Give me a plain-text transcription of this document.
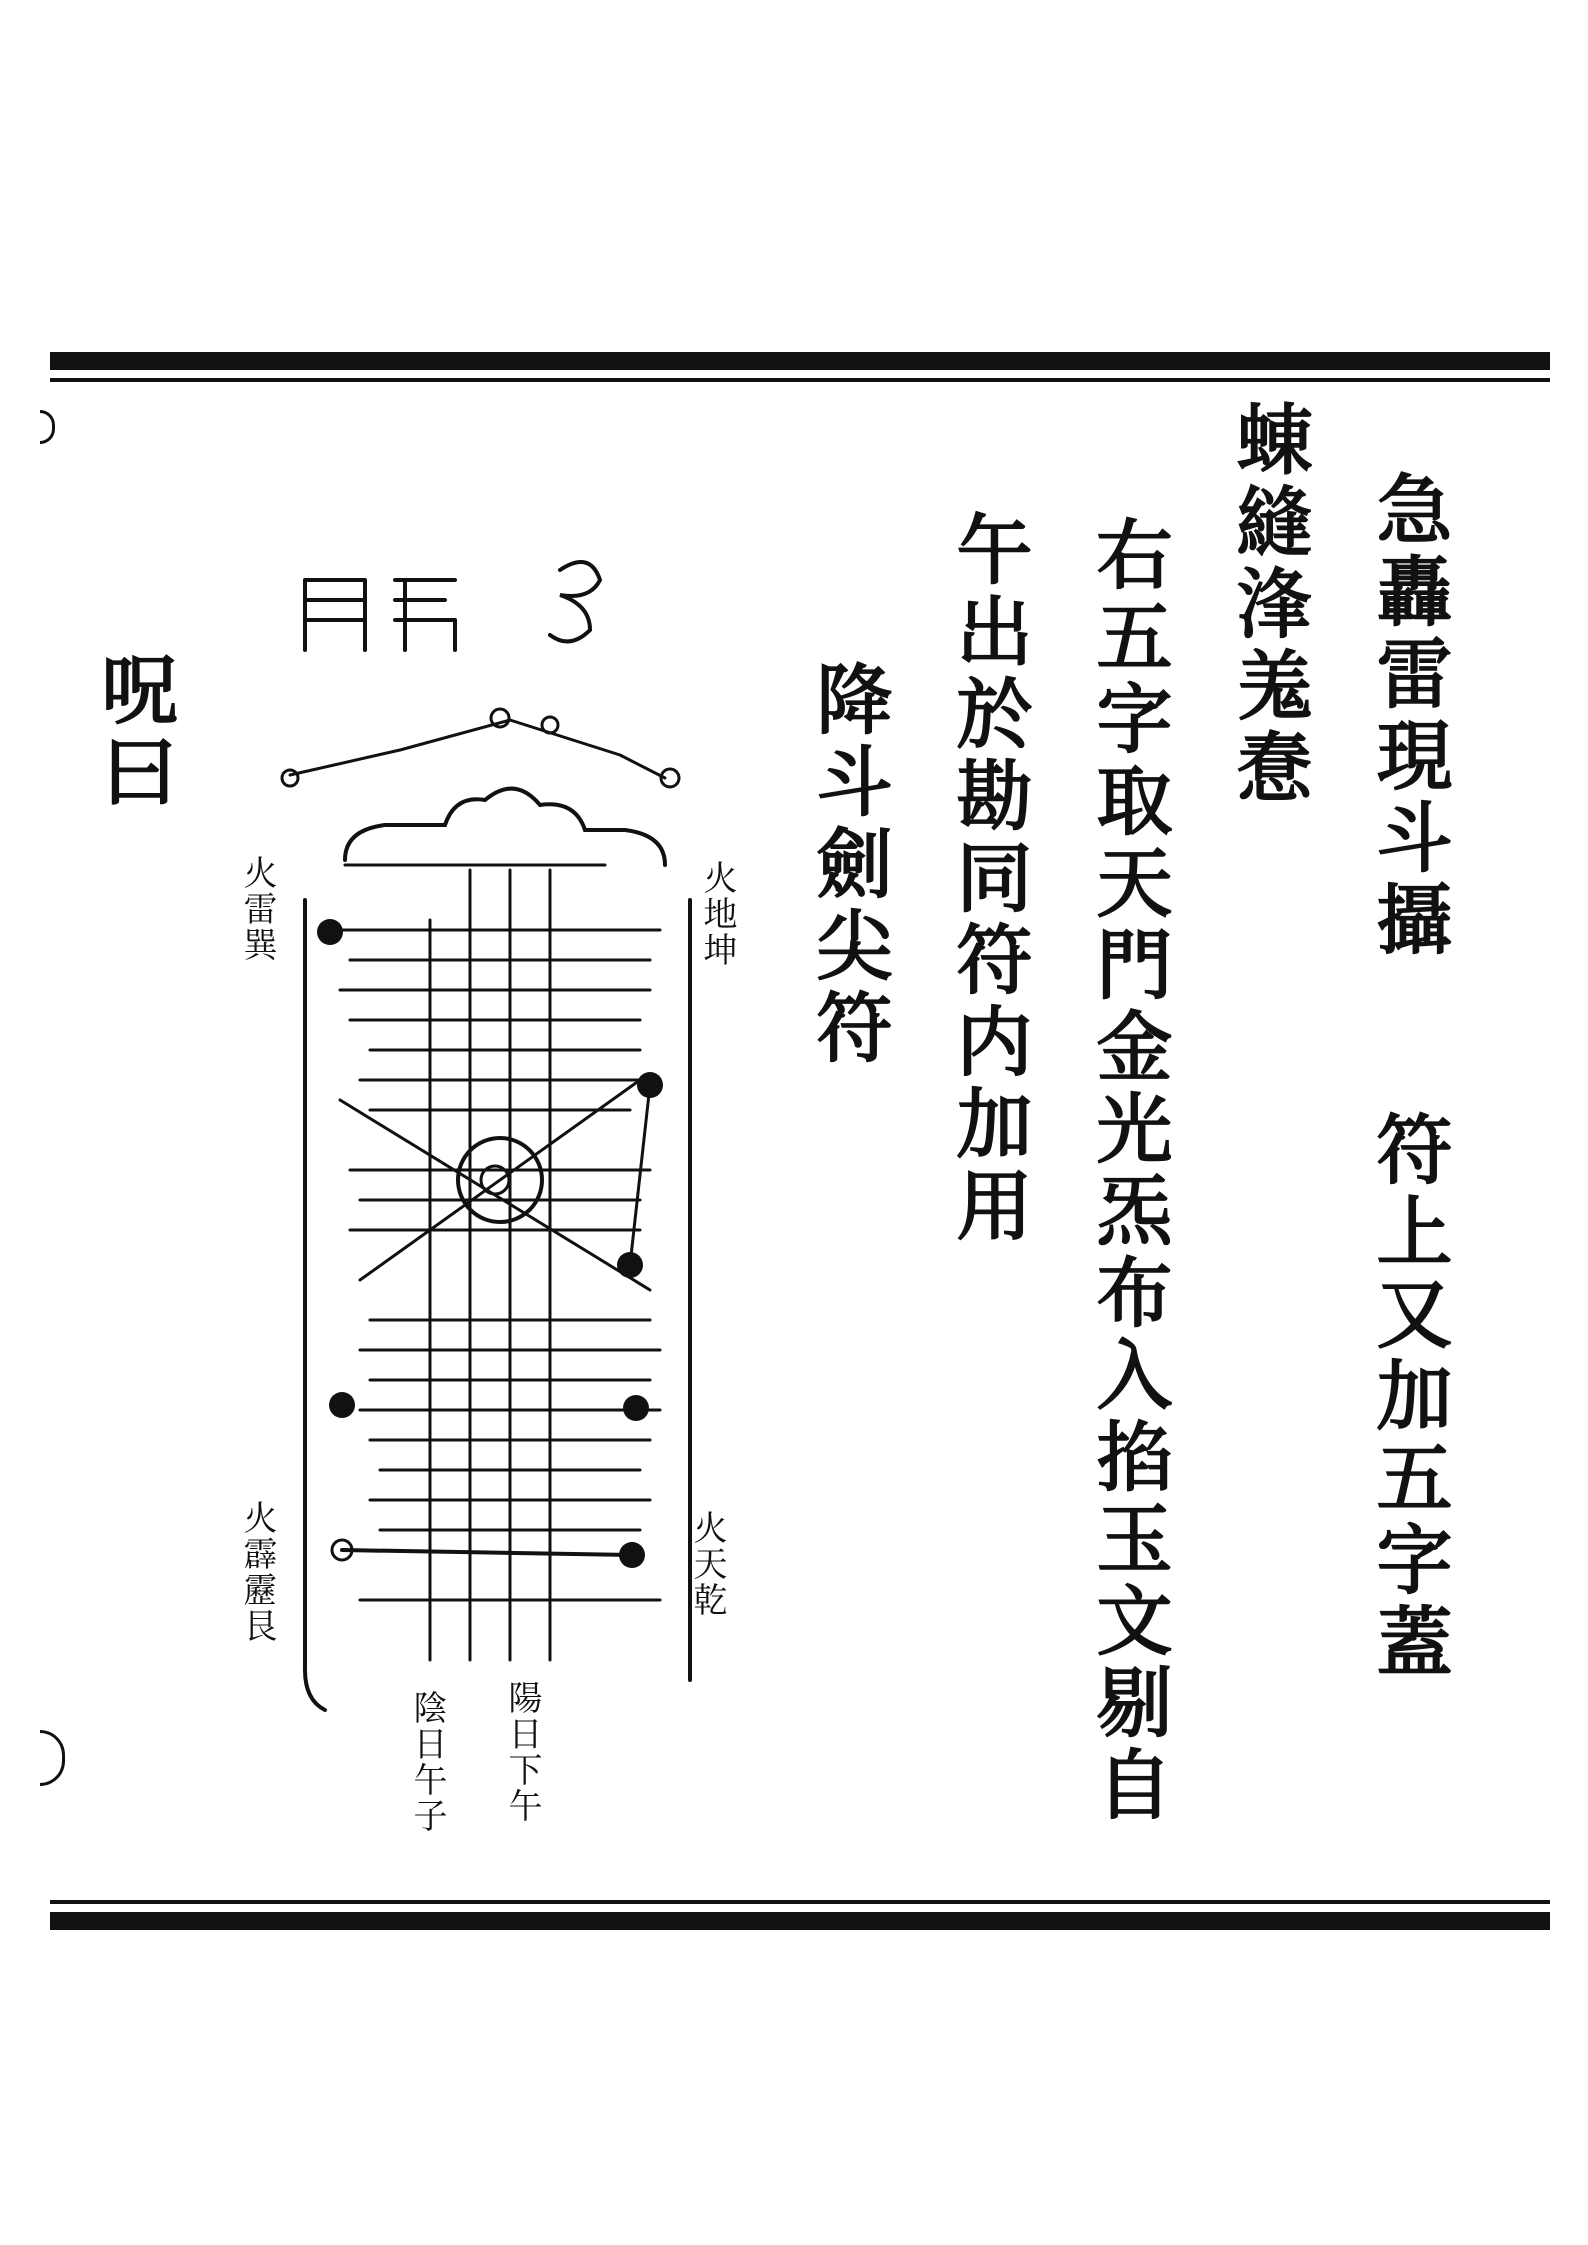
急轟雷現斗攝
符上又加五字蓋
蝀縫浲羗惷
右五字取天門金光炁布入掐玉文剔自
午出於勘同符内加用
降斗劍尖符
呪曰
火雷巽	火地坤
火霹靂艮	火天乾
陽日下午
陰日午子
